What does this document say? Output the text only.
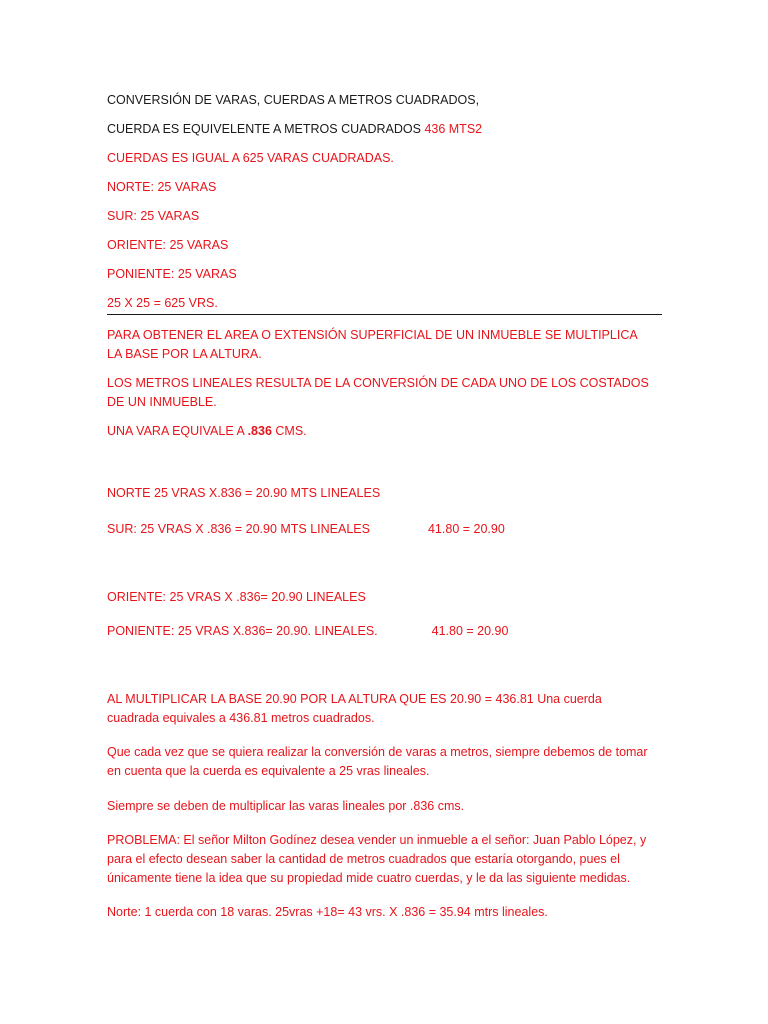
CONVERSIÓN DE VARAS, CUERDAS A METROS CUADRADOS,

CUERDA ES EQUIVELENTE A METROS CUADRADOS 436 MTS2

CUERDAS ES IGUAL A 625 VARAS CUADRADAS.

NORTE: 25 VARAS

SUR: 25 VARAS

ORIENTE: 25 VARAS

PONIENTE: 25 VARAS

25 X 25 = 625 VRS.

PARA OBTENER EL AREA O EXTENSIÓN SUPERFICIAL DE UN INMUEBLE SE MULTIPLICA LA BASE POR LA ALTURA.

LOS METROS LINEALES RESULTA DE LA CONVERSIÓN DE CADA UNO DE LOS COSTADOS DE UN INMUEBLE.

UNA VARA EQUIVALE A .836 CMS.

NORTE 25 VRAS X.836 = 20.90 MTS LINEALES

SUR: 25 VRAS X .836 = 20.90 MTS LINEALES	41.80 = 20.90

ORIENTE: 25 VRAS X .836= 20.90 LINEALES

PONIENTE: 25 VRAS X.836= 20.90. LINEALES.	41.80 = 20.90

AL MULTIPLICAR LA BASE 20.90 POR LA ALTURA QUE ES 20.90 = 436.81 Una cuerda cuadrada equivales a 436.81 metros cuadrados.

Que cada vez que se quiera realizar la conversión de varas a metros, siempre debemos de tomar en cuenta que la cuerda es equivalente a 25 vras lineales.

Siempre se deben de multiplicar las varas lineales por .836 cms.

PROBLEMA: El señor Milton Godínez desea vender un inmueble a el señor: Juan Pablo López, y para el efecto desean saber la cantidad de metros cuadrados que estaría otorgando, pues el únicamente tiene la idea que su propiedad mide cuatro cuerdas, y le da las siguiente medidas.

Norte: 1 cuerda con 18 varas. 25vras +18= 43 vrs. X .836 = 35.94 mtrs lineales.
